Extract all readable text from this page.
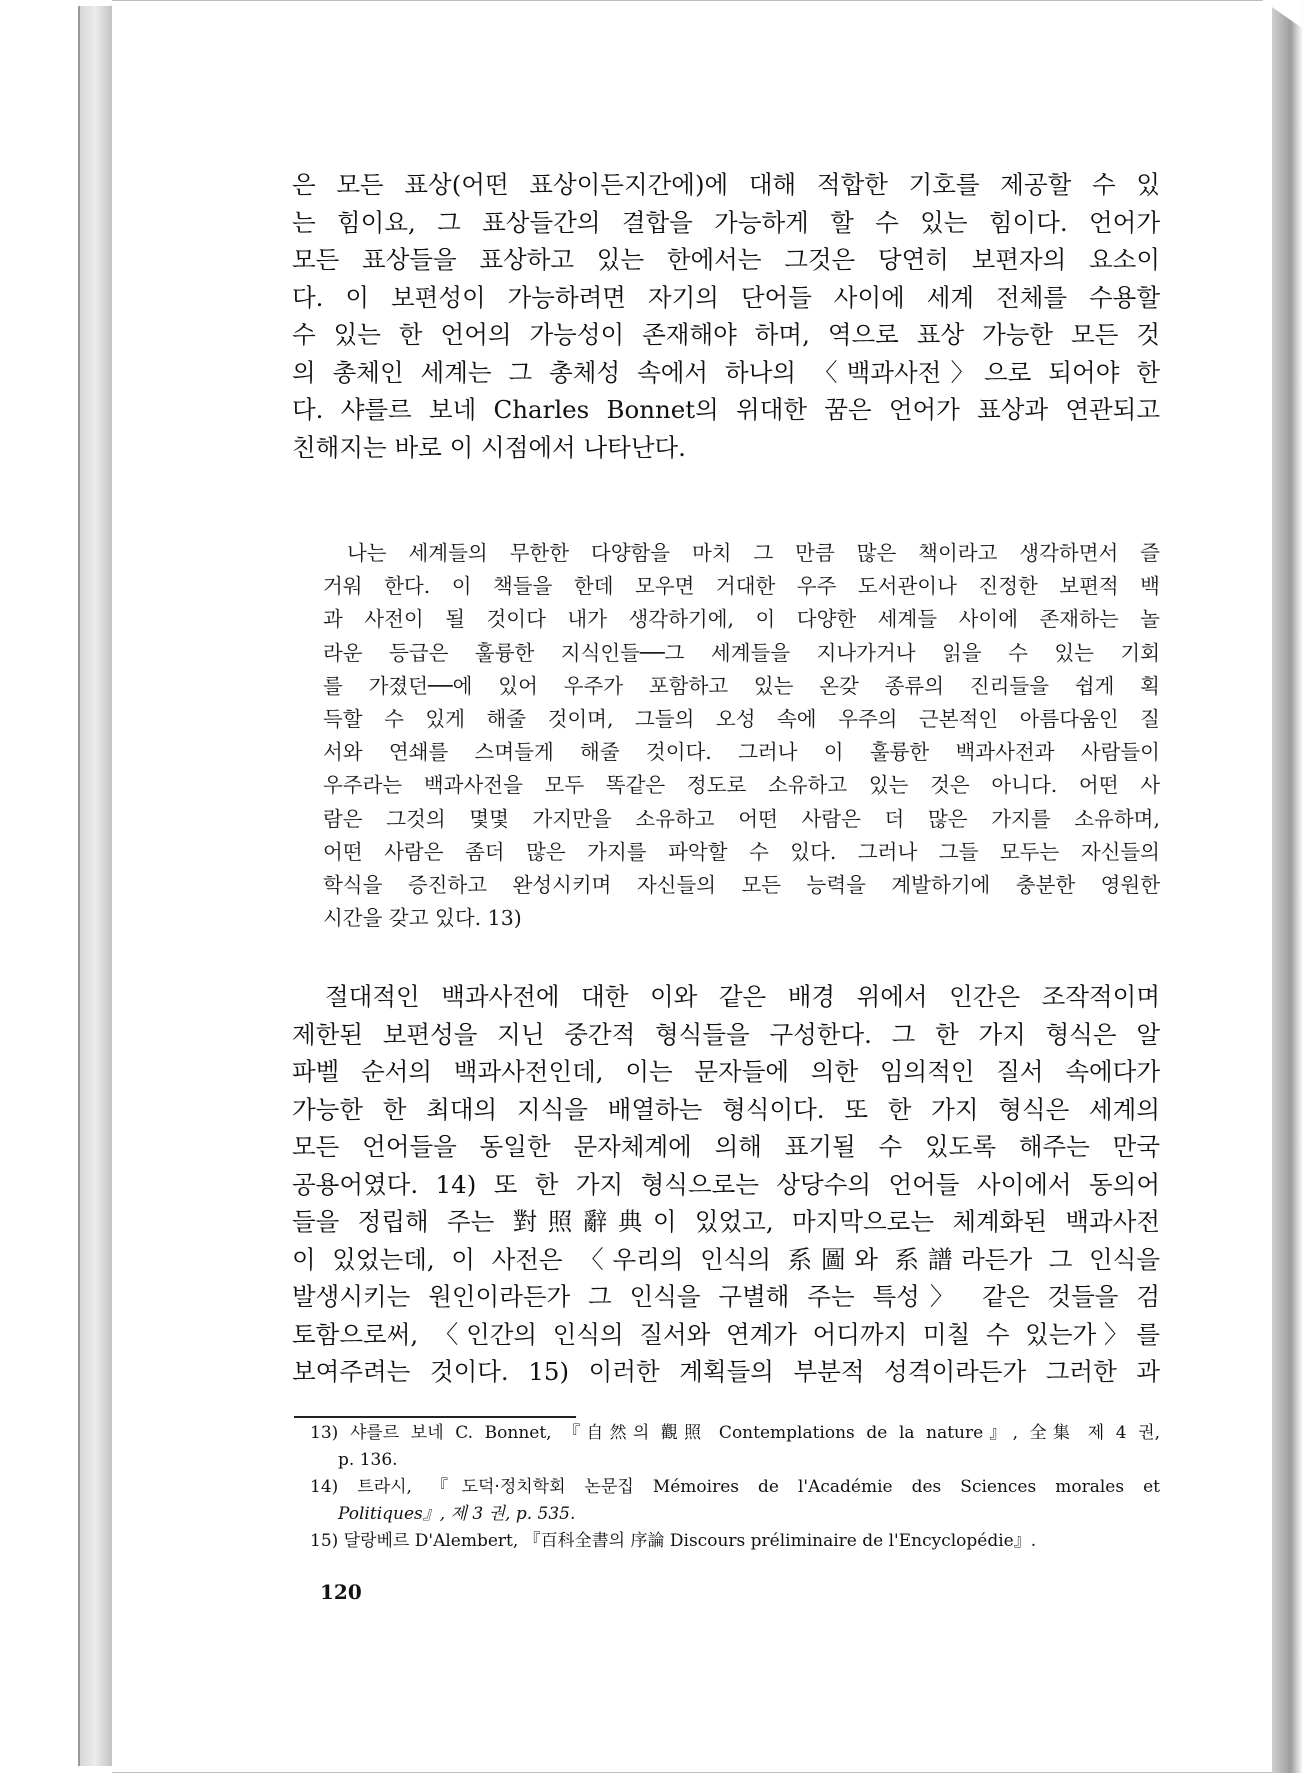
은 모든 표상(어떤 표상이든지간에)에 대해 적합한 기호를 제공할 수 있
는 힘이요, 그 표상들간의 결합을 가능하게 할 수 있는 힘이다. 언어가
모든 표상들을 표상하고 있는 한에서는 그것은 당연히 보편자의 요소이
다. 이 보편성이 가능하려면 자기의 단어들 사이에 세계 전체를 수용할
수 있는 한 언어의 가능성이 존재해야 하며, 역으로 표상 가능한 모든 것
의 총체인 세계는 그 총체성 속에서 하나의 〈백과사전〉으로 되어야 한
다. 샤를르 보네 Charles Bonnet의 위대한 꿈은 언어가 표상과 연관되고
친해지는 바로 이 시점에서 나타난다.
나는 세계들의 무한한 다양함을 마치 그 만큼 많은 책이라고 생각하면서 즐
거워 한다. 이 책들을 한데 모우면 거대한 우주 도서관이나 진정한 보편적 백
과 사전이 될 것이다 내가 생각하기에, 이 다양한 세계들 사이에 존재하는 놀
라운 등급은 훌륭한 지식인들──그 세계들을 지나가거나 읽을 수 있는 기회
를 가졌던──에 있어 우주가 포함하고 있는 온갖 종류의 진리들을 쉽게 획
득할 수 있게 해줄 것이며, 그들의 오성 속에 우주의 근본적인 아름다움인 질
서와 연쇄를 스며들게 해줄 것이다. 그러나 이 훌륭한 백과사전과 사람들이
우주라는 백과사전을 모두 똑같은 정도로 소유하고 있는 것은 아니다. 어떤 사
람은 그것의 몇몇 가지만을 소유하고 어떤 사람은 더 많은 가지를 소유하며,
어떤 사람은 좀더 많은 가지를 파악할 수 있다. 그러나 그들 모두는 자신들의
학식을 증진하고 완성시키며 자신들의 모든 능력을 계발하기에 충분한 영원한
시간을 갖고 있다. 13)
절대적인 백과사전에 대한 이와 같은 배경 위에서 인간은 조작적이며
제한된 보편성을 지닌 중간적 형식들을 구성한다. 그 한 가지 형식은 알
파벨 순서의 백과사전인데, 이는 문자들에 의한 임의적인 질서 속에다가
가능한 한 최대의 지식을 배열하는 형식이다. 또 한 가지 형식은 세계의
모든 언어들을 동일한 문자체계에 의해 표기될 수 있도록 해주는 만국
공용어였다. 14) 또 한 가지 형식으로는 상당수의 언어들 사이에서 동의어
들을 정립해 주는 對照辭典이 있었고, 마지막으로는 체계화된 백과사전
이 있었는데, 이 사전은 〈우리의 인식의 系圖와 系譜라든가 그 인식을
발생시키는 원인이라든가 그 인식을 구별해 주는 특성〉 같은 것들을 검
토함으로써, 〈인간의 인식의 질서와 연계가 어디까지 미칠 수 있는가〉를
보여주려는 것이다. 15) 이러한 계획들의 부분적 성격이라든가 그러한 과
13) 샤를르 보네 C. Bonnet, 『自然의 觀照 Contemplations de la nature』, 全集 제 4 권,
p. 136.
14) 트라시, 『도덕·정치학회 논문집 Mémoires de l'Académie des Sciences morales et
Politiques』, 제 3 권, p. 535.
15) 달랑베르 D'Alembert, 『百科全書의 序論 Discours préliminaire de l'Encyclopédie』.
120
